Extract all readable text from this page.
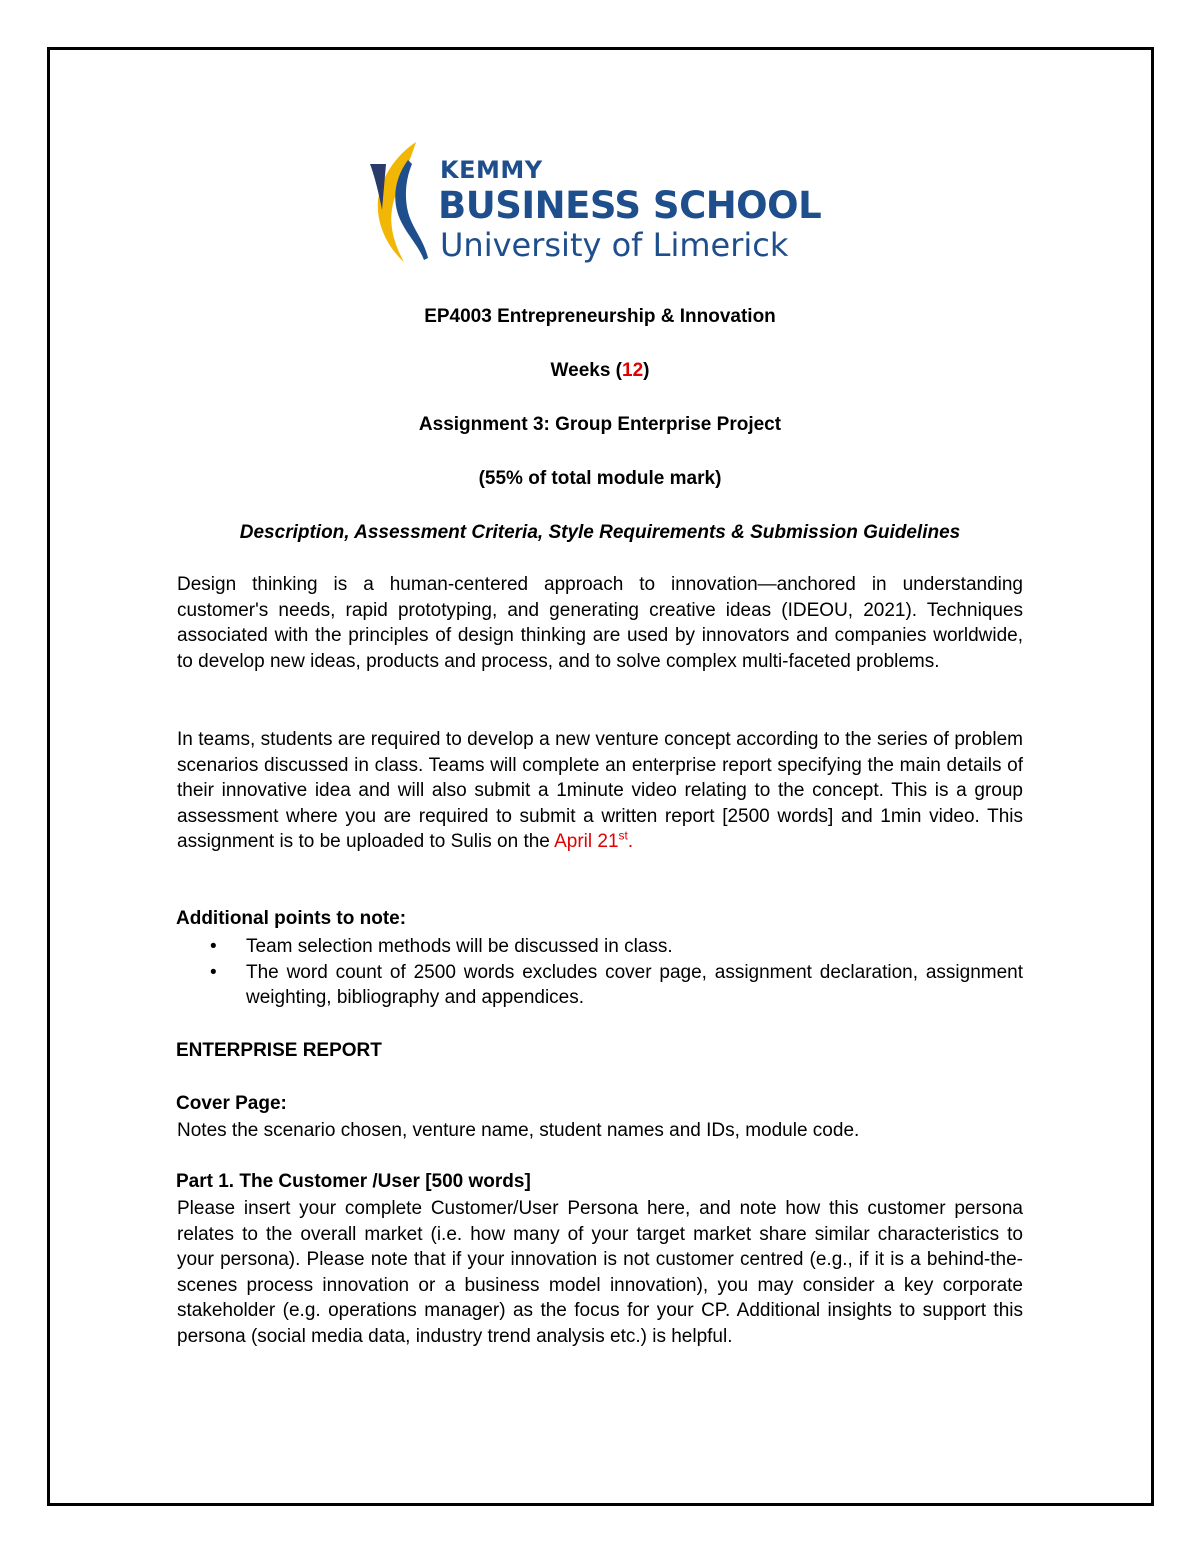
KEMMY
BUSINESS SCHOOL
University of Limerick
EP4003 Entrepreneurship & Innovation
Weeks (12)
Assignment 3: Group Enterprise Project
(55% of total module mark)
Description, Assessment Criteria, Style Requirements & Submission Guidelines
Design thinking is a human-centered approach to innovation—anchored in understanding customer's needs, rapid prototyping, and generating creative ideas (IDEOU, 2021). Techniques associated with the principles of design thinking are used by innovators and companies worldwide, to develop new ideas, products and process, and to solve complex multi-faceted problems.
In teams, students are required to develop a new venture concept according to the series of problem scenarios discussed in class. Teams will complete an enterprise report specifying the main details of their innovative idea and will also submit a 1minute video relating to the concept. This is a group assessment where you are required to submit a written report [2500 words] and 1min video. This assignment is to be uploaded to Sulis on the April 21st.
Additional points to note:
• Team selection methods will be discussed in class.
• The word count of 2500 words excludes cover page, assignment declaration, assignment weighting, bibliography and appendices.
ENTERPRISE REPORT
Cover Page:
Notes the scenario chosen, venture name, student names and IDs, module code.
Part 1. The Customer /User [500 words]
Please insert your complete Customer/User Persona here, and note how this customer persona relates to the overall market (i.e. how many of your target market share similar characteristics to your persona). Please note that if your innovation is not customer centred (e.g., if it is a behind-the-scenes process innovation or a business model innovation), you may consider a key corporate stakeholder (e.g. operations manager) as the focus for your CP. Additional insights to support this persona (social media data, industry trend analysis etc.) is helpful.
